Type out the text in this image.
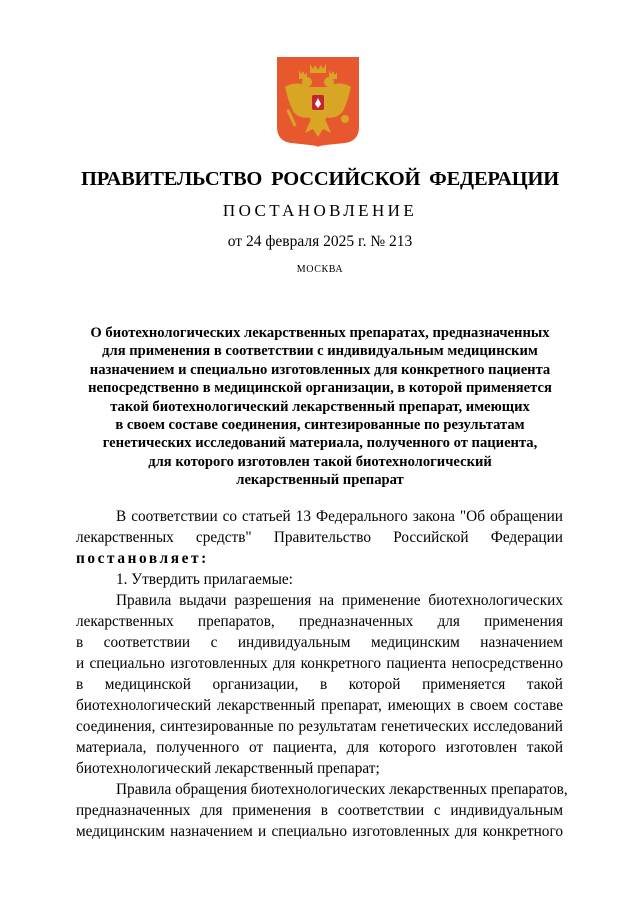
ПРАВИТЕЛЬСТВО РОССИЙСКОЙ ФЕДЕРАЦИИ
ПОСТАНОВЛЕНИЕ
от 24 февраля 2025 г. № 213
МОСКВА
О биотехнологических лекарственных препаратах, предназначенных
для применения в соответствии с индивидуальным медицинским
назначением и специально изготовленных для конкретного пациента
непосредственно в медицинской организации, в которой применяется
такой биотехнологический лекарственный препарат, имеющих
в своем составе соединения, синтезированные по результатам
генетических исследований материала, полученного от пациента,
для которого изготовлен такой биотехнологический
лекарственный препарат
В соответствии со статьей 13 Федерального закона "Об обращении
лекарственных средств" Правительство Российской Федерации
постановляет:
1. Утвердить прилагаемые:
Правила выдачи разрешения на применение биотехнологических
лекарственных препаратов, предназначенных для применения
в соответствии с индивидуальным медицинским назначением
и специально изготовленных для конкретного пациента непосредственно
в медицинской организации, в которой применяется такой
биотехнологический лекарственный препарат, имеющих в своем составе
соединения, синтезированные по результатам генетических исследований
материала, полученного от пациента, для которого изготовлен такой
биотехнологический лекарственный препарат;
Правила обращения биотехнологических лекарственных препаратов,
предназначенных для применения в соответствии с индивидуальным
медицинским назначением и специально изготовленных для конкретного
